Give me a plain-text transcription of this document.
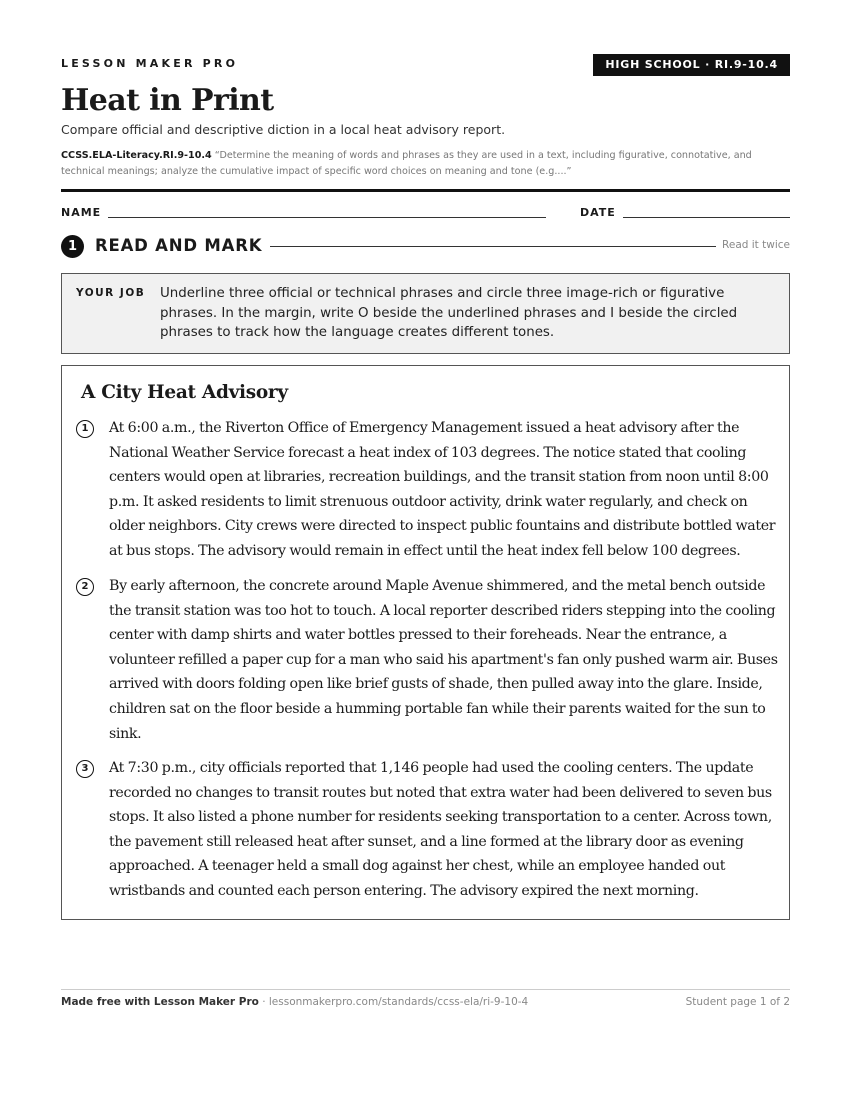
LESSON MAKER PRO	HIGH SCHOOL · RI.9-10.4
Heat in Print
Compare official and descriptive diction in a local heat advisory report.
CCSS.ELA-Literacy.RI.9-10.4 “Determine the meaning of words and phrases as they are used in a text, including figurative, connotative, and technical meanings; analyze the cumulative impact of specific word choices on meaning and tone (e.g....”
NAME	DATE
1	READ AND MARK	Read it twice
YOUR JOB Underline three official or technical phrases and circle three image-rich or figurative phrases. In the margin, write O beside the underlined phrases and I beside the circled phrases to track how the language creates different tones.
A City Heat Advisory
1	At 6:00 a.m., the Riverton Office of Emergency Management issued a heat advisory after the National Weather Service forecast a heat index of 103 degrees. The notice stated that cooling centers would open at libraries, recreation buildings, and the transit station from noon until 8:00 p.m. It asked residents to limit strenuous outdoor activity, drink water regularly, and check on older neighbors. City crews were directed to inspect public fountains and distribute bottled water at bus stops. The advisory would remain in effect until the heat index fell below 100 degrees.

2	By early afternoon, the concrete around Maple Avenue shimmered, and the metal bench outside the transit station was too hot to touch. A local reporter described riders stepping into the cooling center with damp shirts and water bottles pressed to their foreheads. Near the entrance, a volunteer refilled a paper cup for a man who said his apartment's fan only pushed warm air. Buses arrived with doors folding open like brief gusts of shade, then pulled away into the glare. Inside, children sat on the floor beside a humming portable fan while their parents waited for the sun to sink.

3	At 7:30 p.m., city officials reported that 1,146 people had used the cooling centers. The update recorded no changes to transit routes but noted that extra water had been delivered to seven bus stops. It also listed a phone number for residents seeking transportation to a center. Across town, the pavement still released heat after sunset, and a line formed at the library door as evening approached. A teenager held a small dog against her chest, while an employee handed out wristbands and counted each person entering. The advisory expired the next morning.

Made free with Lesson Maker Pro · lessonmakerpro.com/standards/ccss-ela/ri-9-10-4	Student page 1 of 2
